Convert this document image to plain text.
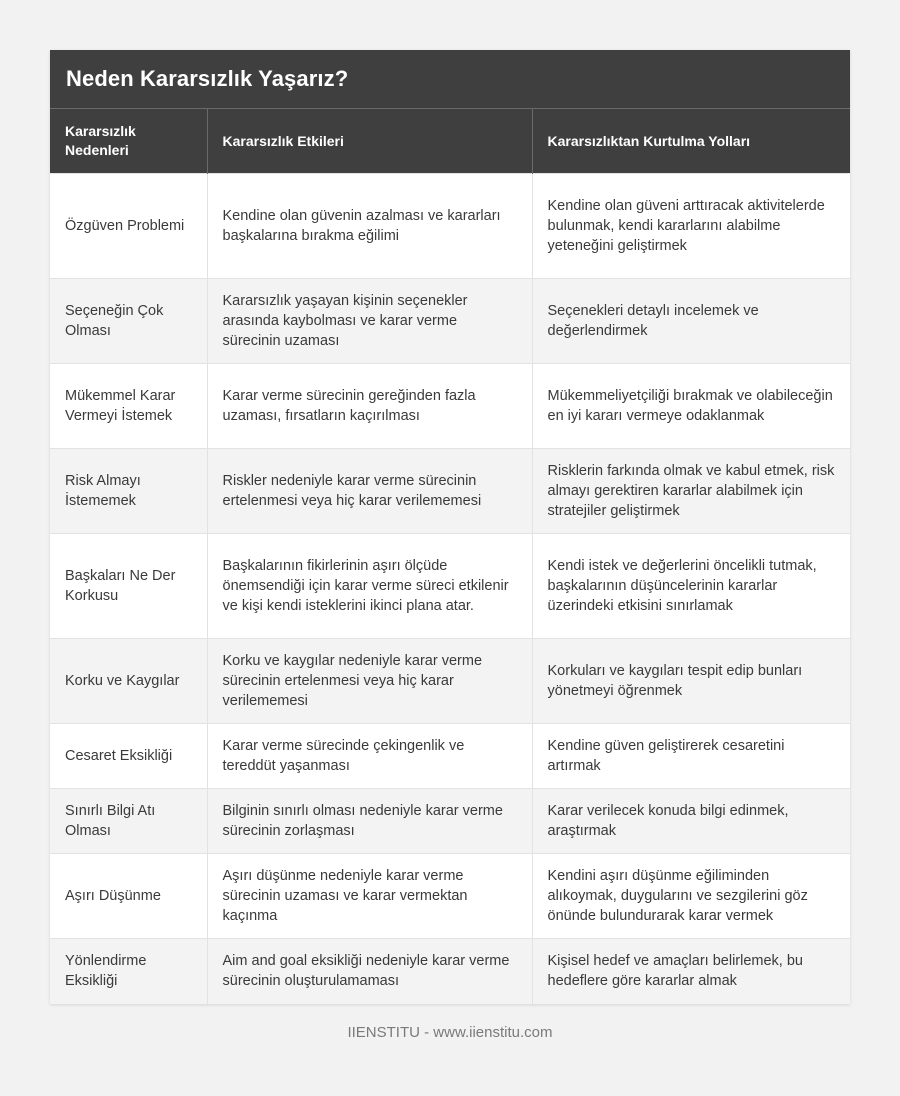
Neden Kararsızlık Yaşarız?
Kararsızlık Nedenleri	Kararsızlık Etkileri	Kararsızlıktan Kurtulma Yolları
Özgüven Problemi	Kendine olan güvenin azalması ve kararları başkalarına bırakma eğilimi	Kendine olan güveni arttıracak aktivitelerde bulunmak, kendi kararlarını alabilme yeteneğini geliştirmek
Seçeneğin Çok Olması	Kararsızlık yaşayan kişinin seçenekler arasında kaybolması ve karar verme sürecinin uzaması	Seçenekleri detaylı incelemek ve değerlendirmek
Mükemmel Karar Vermeyi İstemek	Karar verme sürecinin gereğinden fazla uzaması, fırsatların kaçırılması	Mükemmeliyetçiliği bırakmak ve olabileceğin en iyi kararı vermeye odaklanmak
Risk Almayı İstememek	Riskler nedeniyle karar verme sürecinin ertelenmesi veya hiç karar verilememesi	Risklerin farkında olmak ve kabul etmek, risk almayı gerektiren kararlar alabilmek için stratejiler geliştirmek
Başkaları Ne Der Korkusu	Başkalarının fikirlerinin aşırı ölçüde önemsendiği için karar verme süreci etkilenir ve kişi kendi isteklerini ikinci plana atar.	Kendi istek ve değerlerini öncelikli tutmak, başkalarının düşüncelerinin kararlar üzerindeki etkisini sınırlamak
Korku ve Kaygılar	Korku ve kaygılar nedeniyle karar verme sürecinin ertelenmesi veya hiç karar verilememesi	Korkuları ve kaygıları tespit edip bunları yönetmeyi öğrenmek
Cesaret Eksikliği	Karar verme sürecinde çekingenlik ve tereddüt yaşanması	Kendine güven geliştirerek cesaretini artırmak
Sınırlı Bilgi Atı Olması	Bilginin sınırlı olması nedeniyle karar verme sürecinin zorlaşması	Karar verilecek konuda bilgi edinmek, araştırmak
Aşırı Düşünme	Aşırı düşünme nedeniyle karar verme sürecinin uzaması ve karar vermektan kaçınma	Kendini aşırı düşünme eğiliminden alıkoymak, duygularını ve sezgilerini göz önünde bulundurarak karar vermek
Yönlendirme Eksikliği	Aim and goal eksikliği nedeniyle karar verme sürecinin oluşturulamaması	Kişisel hedef ve amaçları belirlemek, bu hedeflere göre kararlar almak
IIENSTITU - www.iienstitu.com
